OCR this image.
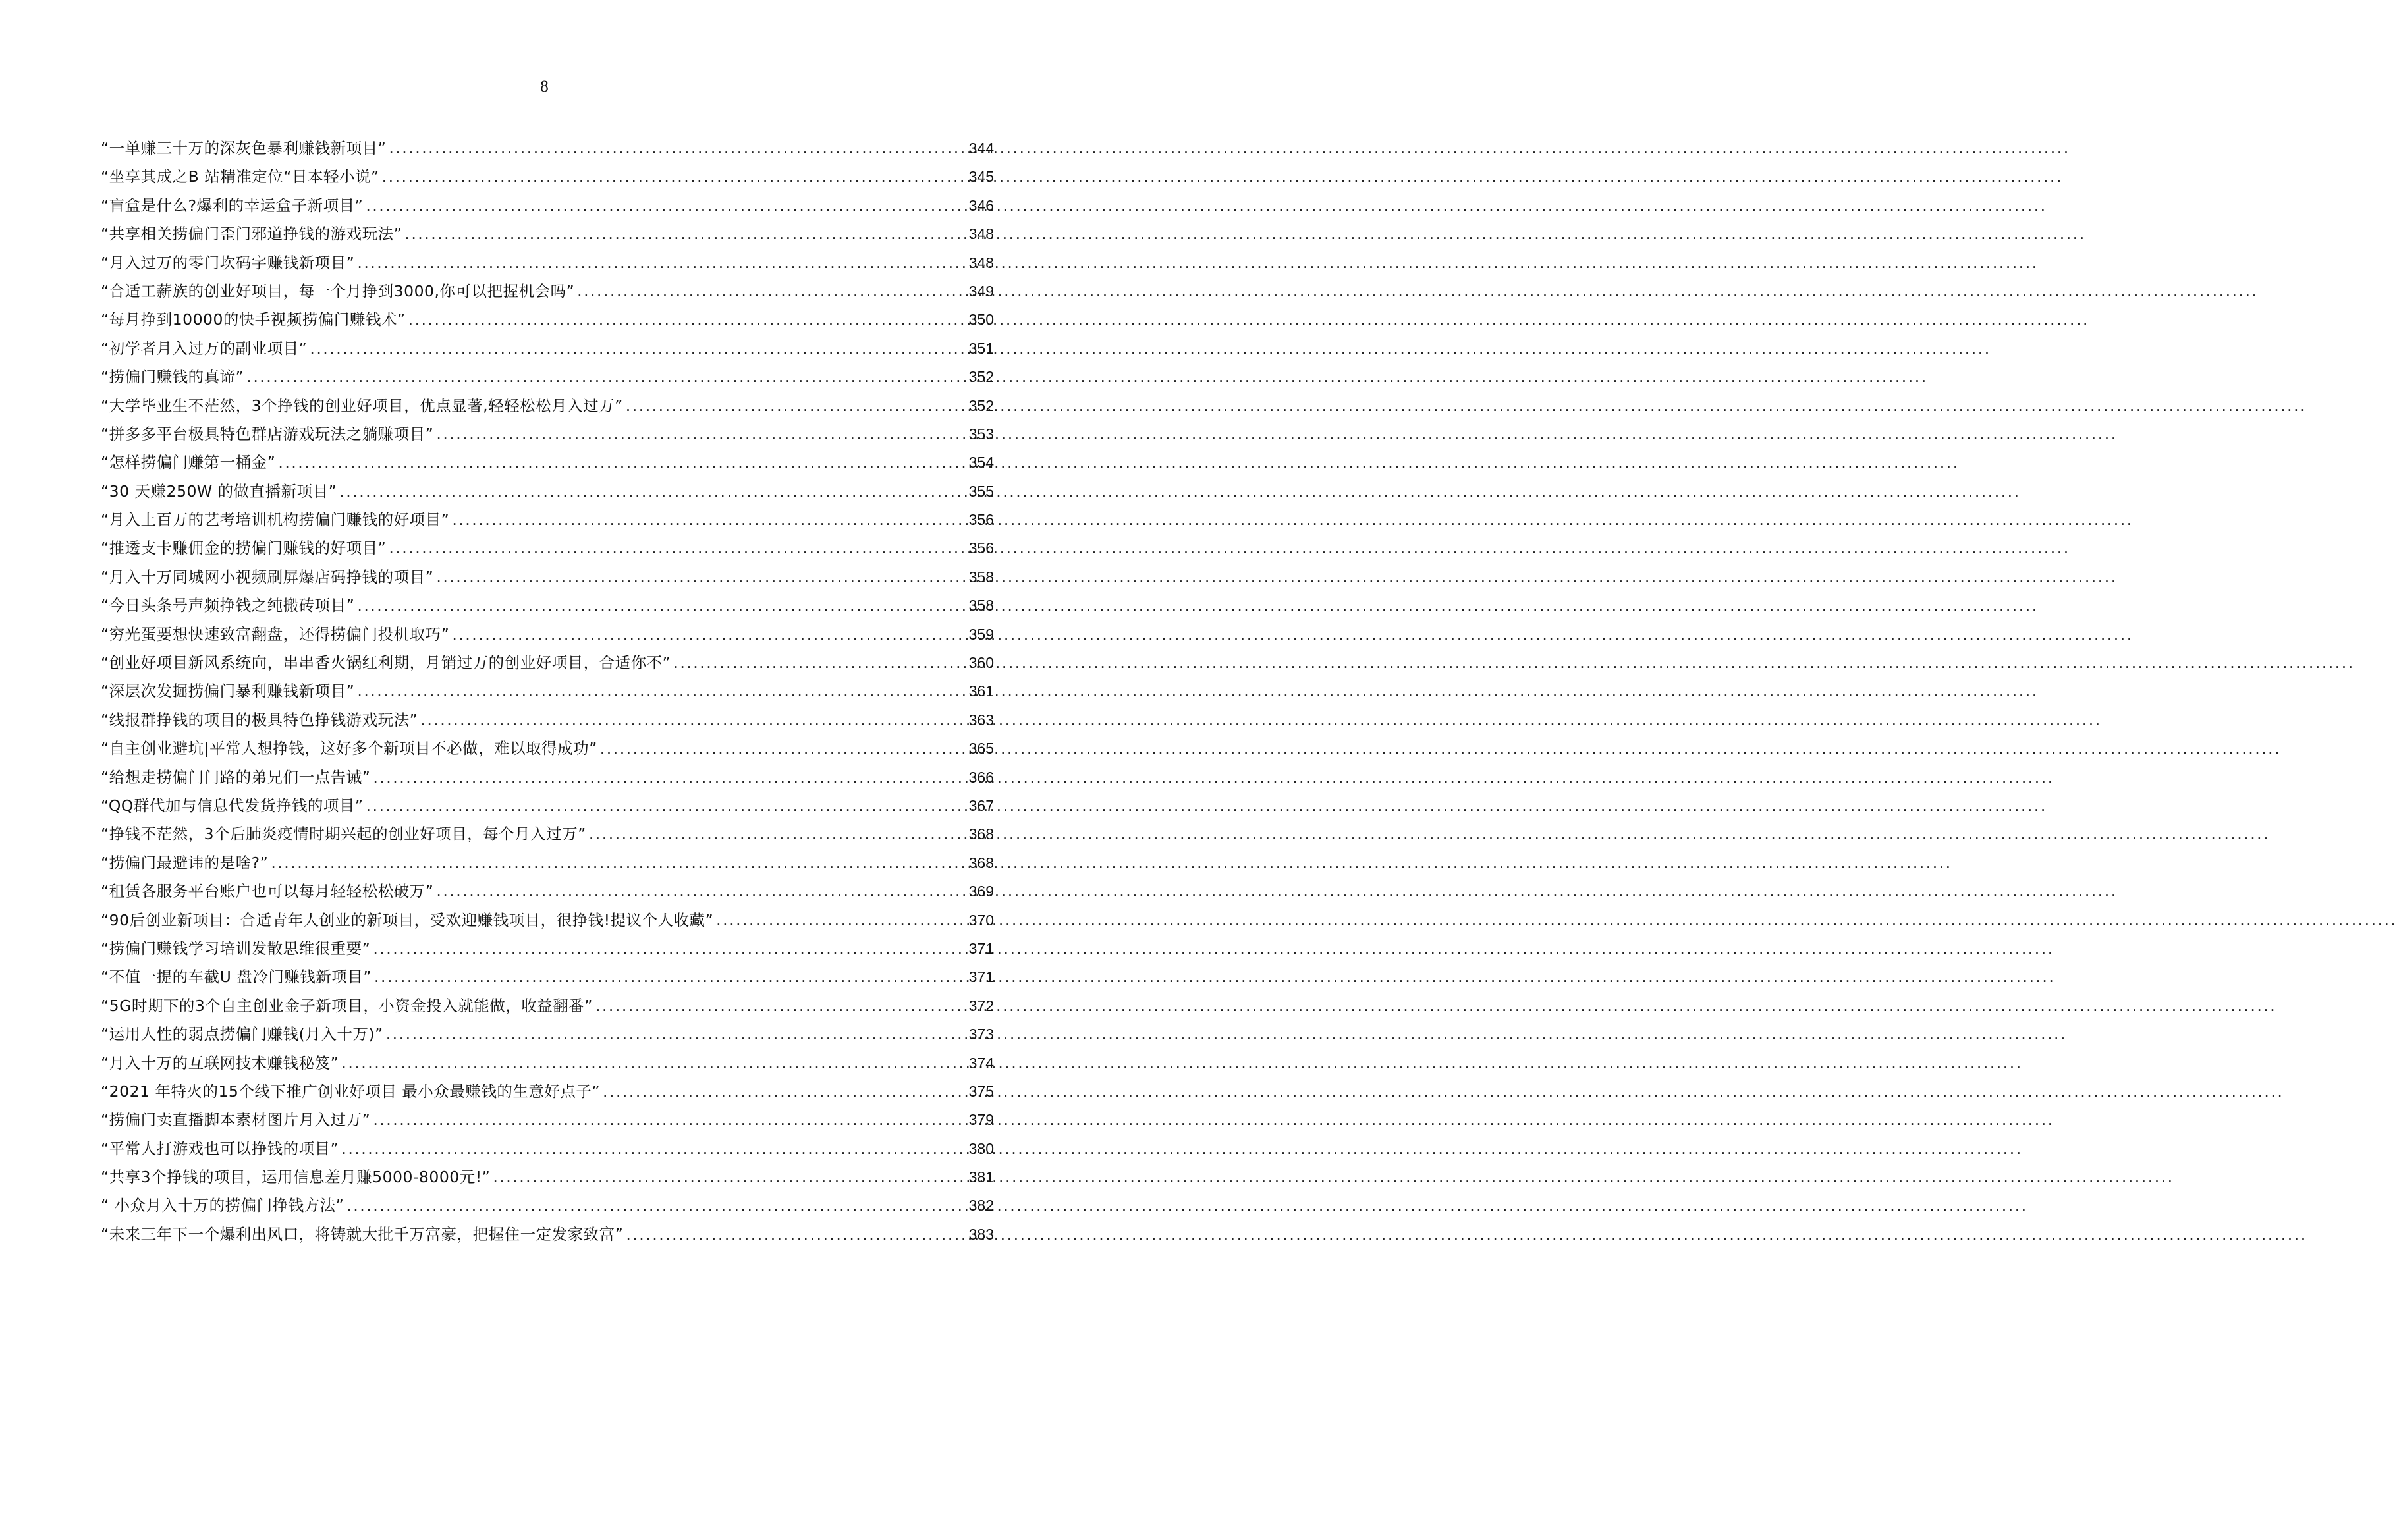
8
“一单赚三十万的深灰色暴利赚钱新项目” .....	344
“坐享其成之B 站精准定位“日本轻小说” .....	345
“盲盒是什么?爆利的幸运盒子新项目” .....	346
“共享相关捞偏门歪门邪道挣钱的游戏玩法” .....	348
“月入过万的零门坎码字赚钱新项目” .....	348
“合适工薪族的创业好项目，每一个月挣到3000,你可以把握机会吗” .....	349
“每月挣到10000的快手视频捞偏门赚钱术” .....	350
“初学者月入过万的副业项目” .....	351
“捞偏门赚钱的真谛” .....	352
“大学毕业生不茫然，3个挣钱的创业好项目，优点显著,轻轻松松月入过万” .....	352
“拼多多平台极具特色群店游戏玩法之躺赚项目” .....	353
“怎样捞偏门赚第一桶金” .....	354
“30 天赚250W 的做直播新项目” .....	355
“月入上百万的艺考培训机构捞偏门赚钱的好项目” .....	356
“推透支卡赚佣金的捞偏门赚钱的好项目” .....	356
“月入十万同城网小视频刷屏爆店码挣钱的项目” .....	358
“今日头条号声频挣钱之纯搬砖项目” .....	358
“穷光蛋要想快速致富翻盘，还得捞偏门投机取巧” .....	359
“创业好项目新风系统向，串串香火锅红利期，月销过万的创业好项目，合适你不” .....	360
“深层次发掘捞偏门暴利赚钱新项目” .....	361
“线报群挣钱的项目的极具特色挣钱游戏玩法” .....	363
“自主创业避坑|平常人想挣钱，这好多个新项目不必做，难以取得成功” .....	365
“给想走捞偏门门路的弟兄们一点告诫” .....	366
“QQ群代加与信息代发货挣钱的项目” .....	367
“挣钱不茫然，3个后肺炎疫情时期兴起的创业好项目，每个月入过万” .....	368
“捞偏门最避讳的是啥?” .....	368
“租赁各服务平台账户也可以每月轻轻松松破万” .....	369
“90后创业新项目：合适青年人创业的新项目，受欢迎赚钱项目，很挣钱!提议个人收藏” .....	370
“捞偏门赚钱学习培训发散思维很重要” .....	371
“不值一提的车截U 盘冷门赚钱新项目” .....	371
“5G时期下的3个自主创业金子新项目，小资金投入就能做，收益翻番” .....	372
“运用人性的弱点捞偏门赚钱(月入十万)” .....	373
“月入十万的互联网技术赚钱秘笈” .....	374
“2021 年特火的15个线下推广创业好项目 最小众最赚钱的生意好点子” .....	375
“捞偏门卖直播脚本素材图片月入过万” .....	379
“平常人打游戏也可以挣钱的项目” .....	380
“共享3个挣钱的项目，运用信息差月赚5000-8000元!” .....	381
“ 小众月入十万的捞偏门挣钱方法” .....	382
“未来三年下一个爆利出风口，将铸就大批千万富豪，把握住一定发家致富” .....	383
